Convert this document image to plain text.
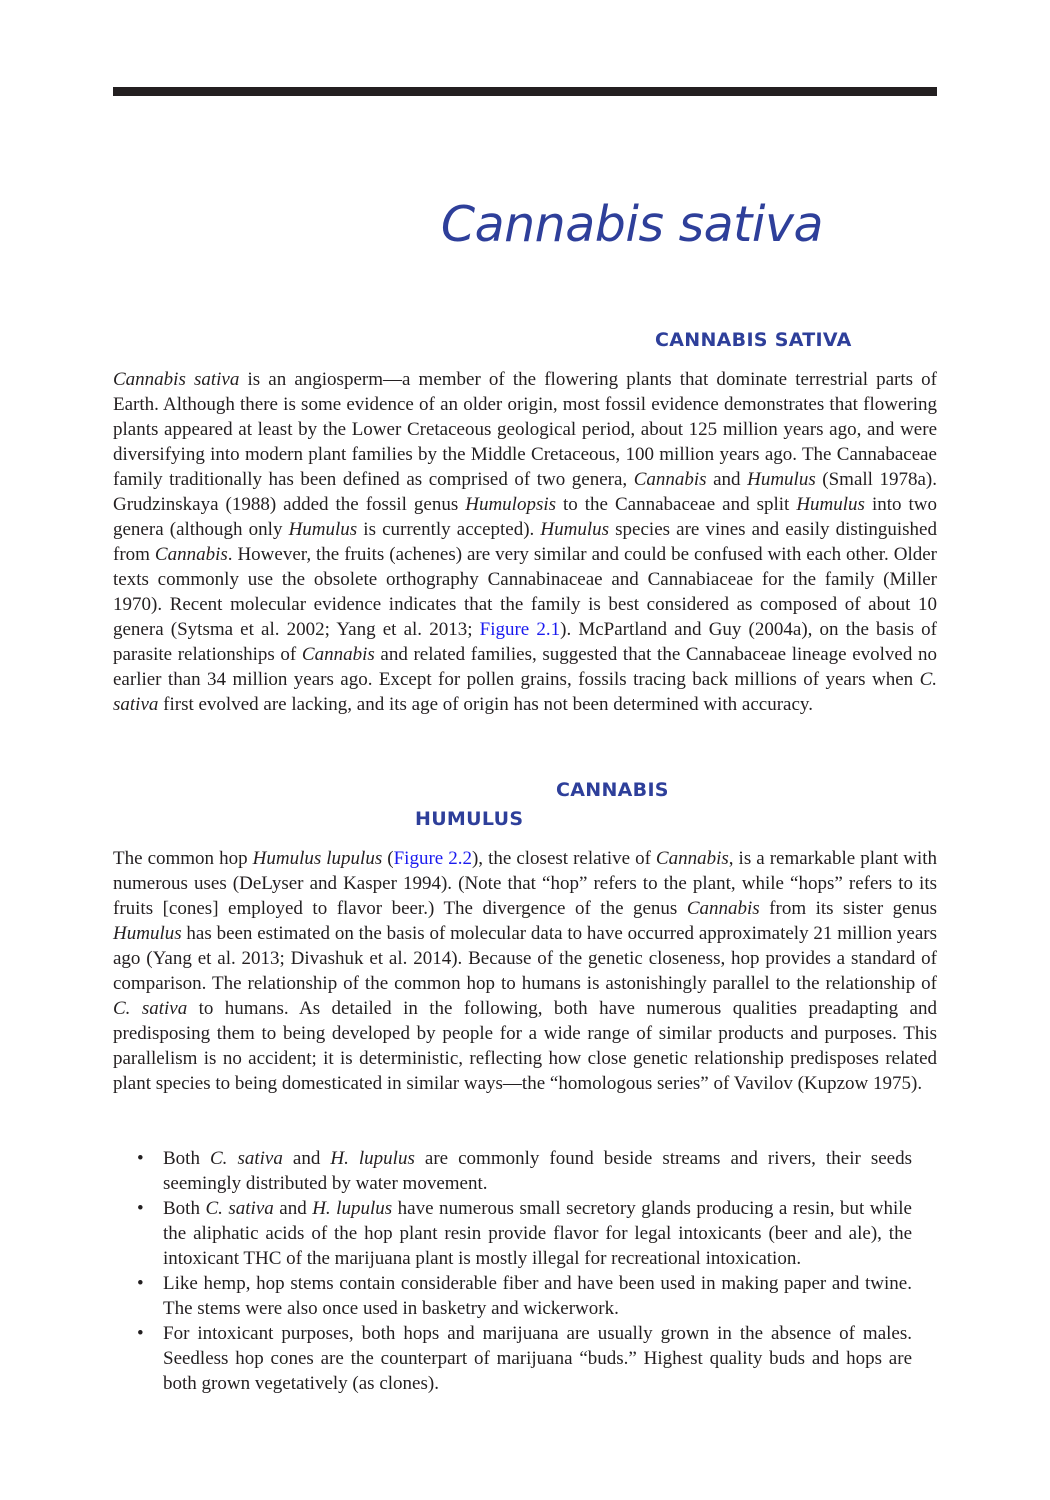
Cannabis sativa
CANNABIS SATIVA

Cannabis sativa is an angiosperm—a member of the flowering plants that dominate terrestrial parts of Earth. Although there is some evidence of an older origin, most fossil evidence demonstrates that flowering plants appeared at least by the Lower Cretaceous geological period, about 125 million years ago, and were diversifying into modern plant families by the Middle Cretaceous, 100 million years ago. The Cannabaceae family traditionally has been defined as comprised of two genera, Cannabis and Humulus (Small 1978a). Grudzinskaya (1988) added the fossil genus Humulopsis to the Cannabaceae and split Humulus into two genera (although only Humulus is currently accepted). Humulus species are vines and easily distinguished from Cannabis. However, the fruits (achenes) are very similar and could be confused with each other. Older texts commonly use the obsolete orthography Cannabinaceae and Cannabiaceae for the family (Miller 1970). Recent molecular evidence indicates that the family is best considered as composed of about 10 genera (Sytsma et al. 2002; Yang et al. 2013; Figure 2.1). McPartland and Guy (2004a), on the basis of parasite relationships of Cannabis and related families, suggested that the Cannabaceae lineage evolved no earlier than 34 million years ago. Except for pollen grains, fossils tracing back millions of years when C. sativa first evolved are lacking, and its age of origin has not been determined with accuracy.

CANNABIS
HUMULUS

The common hop Humulus lupulus (Figure 2.2), the closest relative of Cannabis, is a remarkable plant with numerous uses (DeLyser and Kasper 1994). (Note that “hop” refers to the plant, while “hops” refers to its fruits [cones] employed to flavor beer.) The divergence of the genus Cannabis from its sister genus Humulus has been estimated on the basis of molecular data to have occurred approximately 21 million years ago (Yang et al. 2013; Divashuk et al. 2014). Because of the genetic closeness, hop provides a standard of comparison. The relationship of the common hop to humans is astonishingly parallel to the relationship of C. sativa to humans. As detailed in the following, both have numerous qualities preadapting and predisposing them to being developed by people for a wide range of similar products and purposes. This parallelism is no accident; it is deterministic, reflecting how close genetic relationship predisposes related plant species to being domesticated in similar ways—the “homologous series” of Vavilov (Kupzow 1975).

• Both C. sativa and H. lupulus are commonly found beside streams and rivers, their seeds seemingly distributed by water movement.
• Both C. sativa and H. lupulus have numerous small secretory glands producing a resin, but while the aliphatic acids of the hop plant resin provide flavor for legal intoxicants (beer and ale), the intoxicant THC of the marijuana plant is mostly illegal for recreational intoxication.
• Like hemp, hop stems contain considerable fiber and have been used in making paper and twine. The stems were also once used in basketry and wickerwork.
• For intoxicant purposes, both hops and marijuana are usually grown in the absence of males. Seedless hop cones are the counterpart of marijuana “buds.” Highest quality buds and hops are both grown vegetatively (as clones).
